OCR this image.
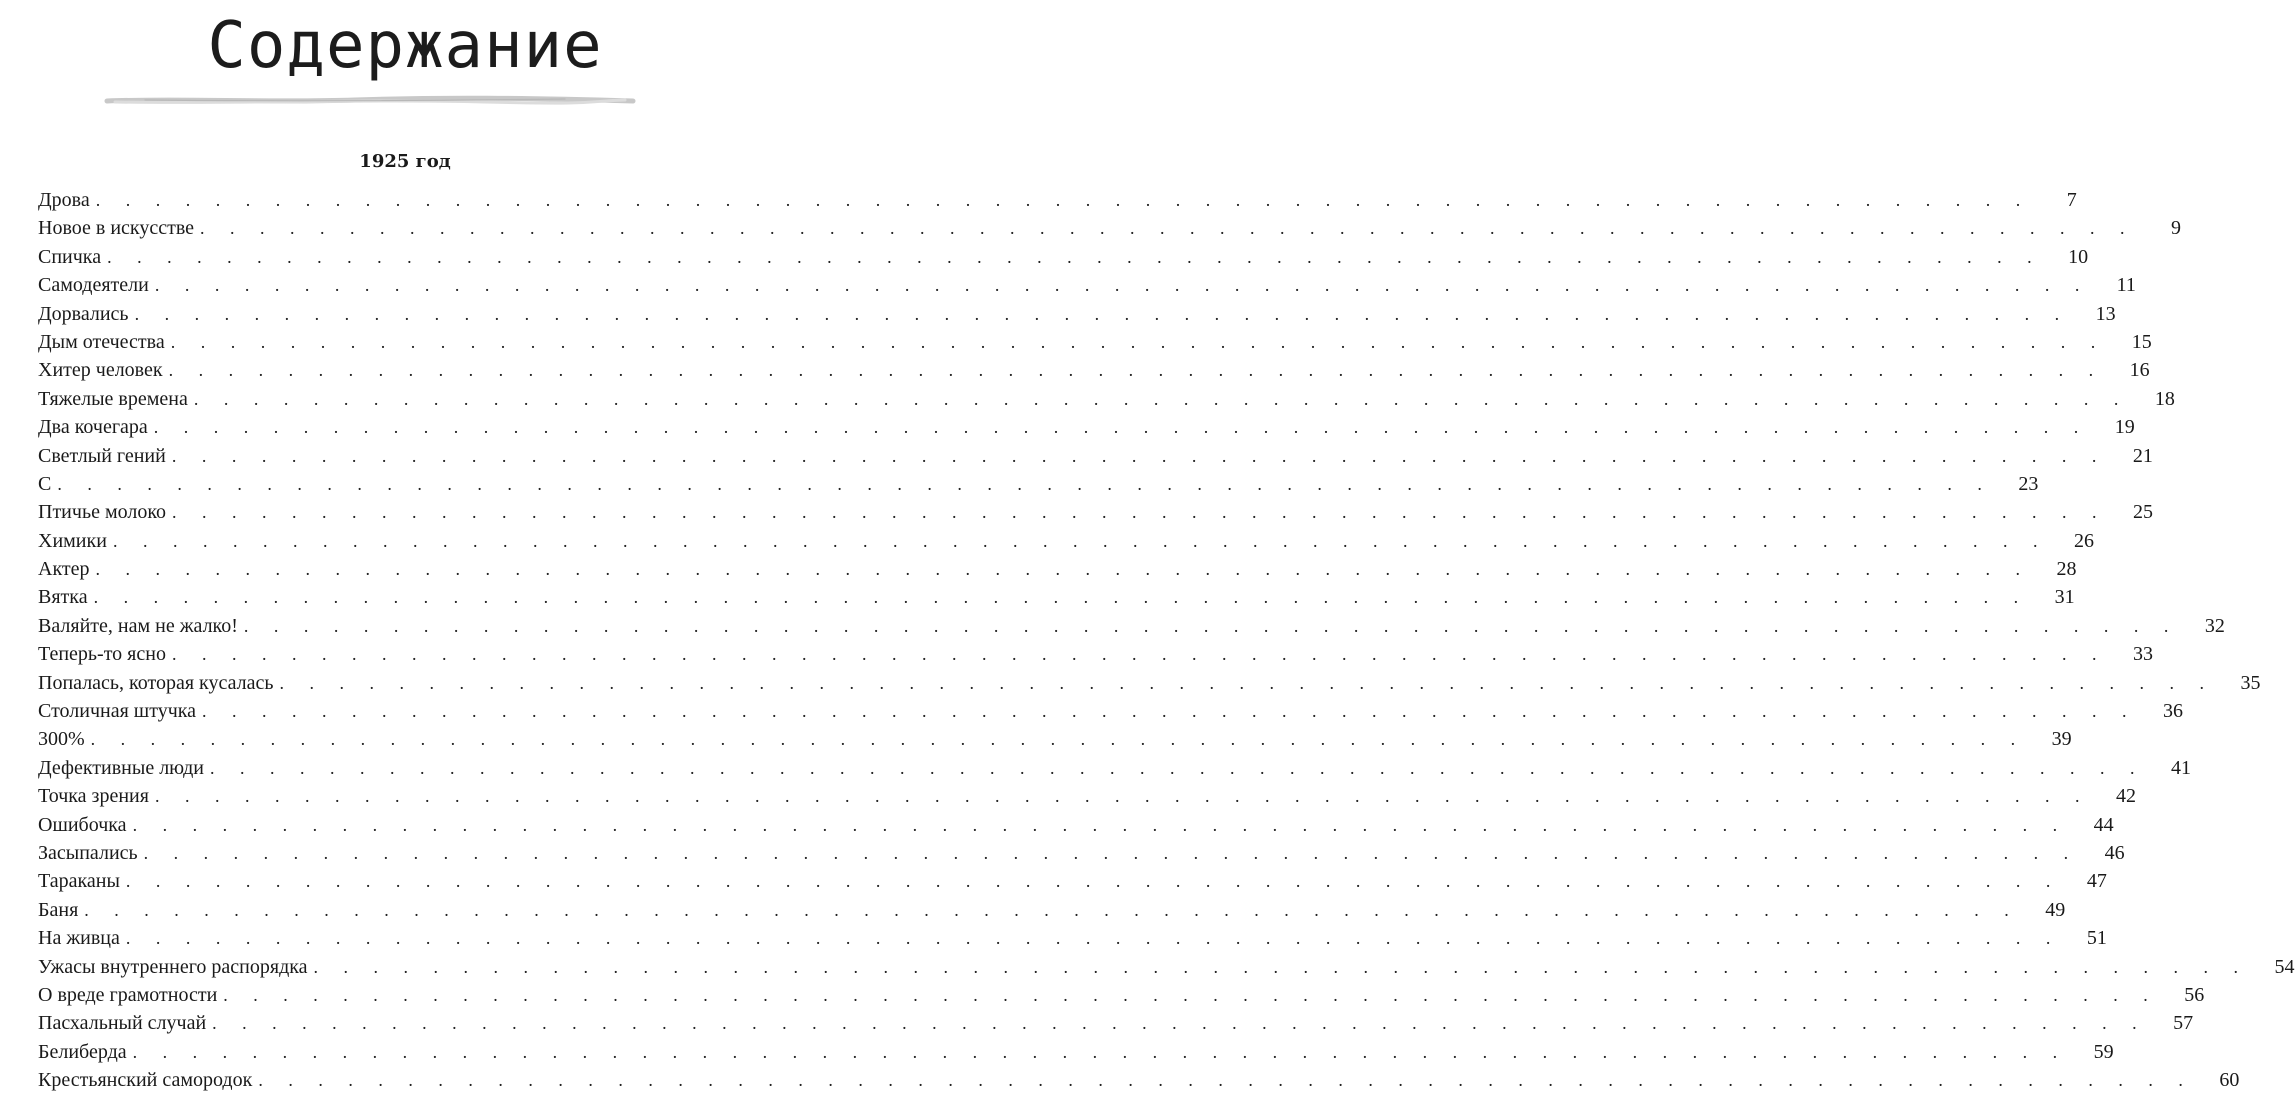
Содержание
1925 год
Дрова . . .	7
Новое в искусстве . . .	9
Спичка . . .	10
Самодеятели . . .	11
Дорвались . . .	13
Дым отечества . . .	15
Хитер человек . . .	16
Тяжелые времена . . .	18
Два кочегара . . .	19
Светлый гений . . .	21
С . . .	23
Птичье молоко . . .	25
Химики . . .	26
Актер . . .	28
Вятка . . .	31
Валяйте, нам не жалко! . . .	32
Теперь-то ясно . . .	33
Попалась, которая кусалась . . .	35
Столичная штучка . . .	36
300% . . .	39
Дефективные люди . . .	41
Точка зрения . . .	42
Ошибочка . . .	44
Засыпались . . .	46
Тараканы . . .	47
Баня . . .	49
На живца . . .	51
Ужасы внутреннего распорядка . . .	54
О вреде грамотности . . .	56
Пасхальный случай . . .	57
Белиберда . . .	59
Крестьянский самородок . . .	60
